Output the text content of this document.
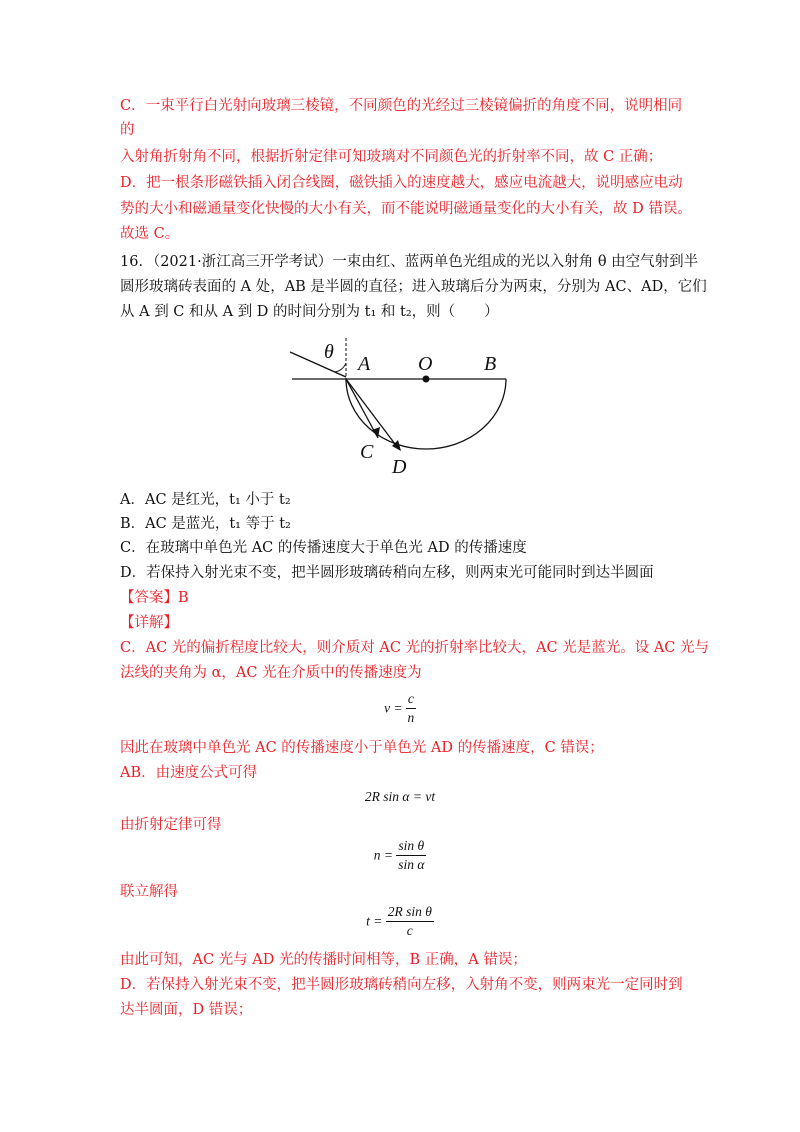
C．一束平行白光射向玻璃三棱镜，不同颜色的光经过三棱镜偏折的角度不同，说明相同
的
入射角折射角不同，根据折射定律可知玻璃对不同颜色光的折射率不同，故 C 正确；
D．把一根条形磁铁插入闭合线圈，磁铁插入的速度越大，感应电流越大，说明感应电动
势的大小和磁通量变化快慢的大小有关，而不能说明磁通量变化的大小有关，故 D 错误。
故选 C。
16．（2021·浙江高三开学考试）一束由红、蓝两单色光组成的光以入射角 θ 由空气射到半
圆形玻璃砖表面的 A 处，AB 是半圆的直径；进入玻璃后分为两束，分别为 AC、AD，它们
从 A 到 C 和从 A 到 D 的时间分别为 t₁ 和 t₂，则（　　）
θ
A O	B
C
D
A．AC 是红光，t₁ 小于 t₂
B．AC 是蓝光，t₁ 等于 t₂
C．在玻璃中单色光 AC 的传播速度大于单色光 AD 的传播速度
D．若保持入射光束不变，把半圆形玻璃砖稍向左移，则两束光可能同时到达半圆面
【答案】B
【详解】
C．AC 光的偏折程度比较大，则介质对 AC 光的折射率比较大，AC 光是蓝光。设 AC 光与
法线的夹角为 α，AC 光在介质中的传播速度为
$v = \frac{c}{n}$
因此在玻璃中单色光 AC 的传播速度小于单色光 AD 的传播速度，C 错误；
AB．由速度公式可得
2R sin α = vt
由折射定律可得
$n = \frac{\text{sin θ}}{\text{sin α}}$
联立解得
$t = \frac{\text{2R sin θ}}{c}$
由此可知，AC 光与 AD 光的传播时间相等，B 正确，A 错误；
D．若保持入射光束不变，把半圆形玻璃砖稍向左移，入射角不变，则两束光一定同时到
达半圆面，D 错误；
